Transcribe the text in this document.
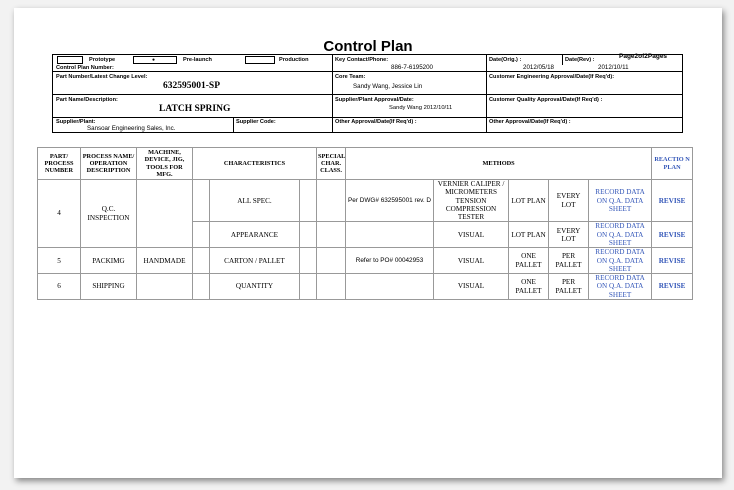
Control Plan
Page2of2Pages
Prototype	●	Pre-launch	Production
Control Plan Number:
Key Contact/Phone:
886-7-6195200
Date(Orig.) :
2012/05/18
Date(Rev) :
2012/10/11
Part Number/Latest Change Level:
632595001-SP
Core Team:
Sandy Wang, Jessice Lin
Customer Engineering Approval/Date(If Req'd):
Part Name/Description:
LATCH SPRING
Supplier/Plant Approval/Date:
Sandy Wang 2012/10/11
Customer Quality Approval/Date(If Req'd) :
Supplier/Plant:
Sansoar Engineering Sales, Inc.
Supplier Code:	Other Approval/Date(If Req'd) :	Other Approval/Date(If Req'd) :
PART/ PROCESS NUMBER	PROCESS NAME/ OPERATION DESCRIPTION	MACHINE, DEVICE, JIG, TOOLS FOR MFG.	CHARACTERISTICS			SPECIAL CHAR. CLASS.	METHODS					REACTIO N PLAN
4	Q.C. INSPECTION			ALL SPEC.			Per DWG# 632595001 rev. D	VERNIER CALIPER / MICROMETERS TENSION COMPRESSION TESTER	LOT PLAN	EVERY LOT	RECORD DATA ON Q.A. DATA SHEET	REVISE
				APPEARANCE				VISUAL	LOT PLAN	EVERY LOT	RECORD DATA ON Q.A. DATA SHEET	REVISE
5	PACKIMG	HANDMADE		CARTON / PALLET			Refer to PO# 00042953	VISUAL	ONE PALLET	PER PALLET	RECORD DATA ON Q.A. DATA SHEET	REVISE
6	SHIPPING			QUANTITY				VISUAL	ONE PALLET	PER PALLET	RECORD DATA ON Q.A. DATA SHEET	REVISE
